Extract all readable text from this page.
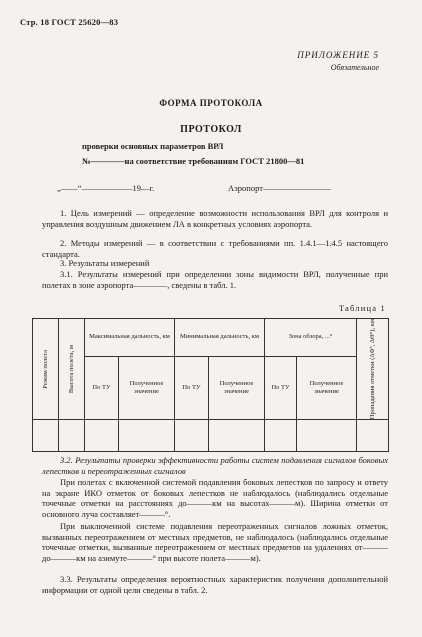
Стр. 18 ГОСТ 25620—83
ПРИЛОЖЕНИЕ 5
Обязательное
ФОРМА ПРОТОКОЛА
ПРОТОКОЛ
проверки основных параметров ВРЛ
№————на соответствие требованиям ГОСТ 21800—81
„——“——————19—г.	Аэропорт————————
1. Цель измерений — определение возможности использования ВРЛ для контроля и управления воздушным движением ЛА в конкретных условиях аэропорта.
2. Методы измерений — в соответствии с требованиями пп. 1.4.1—1.4.5 настоящего стандарта.
3. Результаты измерений
3.1. Результаты измерений при определении зоны видимости ВРЛ, полученные при полетах в зоне аэропорта————, сведены в табл. 1.
Таблица 1
Режим полета	Высота полета, м	Максимальная дальность, км		Минимальная дальность, км		Зона обзора, ...°		Пропадания отметки (ΔΦ°, ΔΘ°), км

		По ТУ	Полученное значение	По ТУ	Полученное значение	По ТУ	Полученное значение	

3.2. Результаты проверки эффективности работы систем подавления сигналов боковых лепестков и переотраженных сигналов
При полетах с включенной системой подавления боковых лепестков по запросу и ответу на экране ИКО отметок от боковых лепестков не наблюдалось (наблюдались отдельные точечные отметки на расстояниях до———км на высотах———м). Ширина отметки от основного луча составляет———°.
При выключенной системе подавления переотраженных сигналов ложных отметок, вызванных переотражением от местных предметов, не наблюдалось (наблюдались отдельные точечные отметки, вызванные переотражением от местных предметов на удалениях от———до———км на азимуте———° при высоте полета———м).
3.3. Результаты определения вероятностных характеристик получения дополнительной информации от одной цели сведены в табл. 2.
